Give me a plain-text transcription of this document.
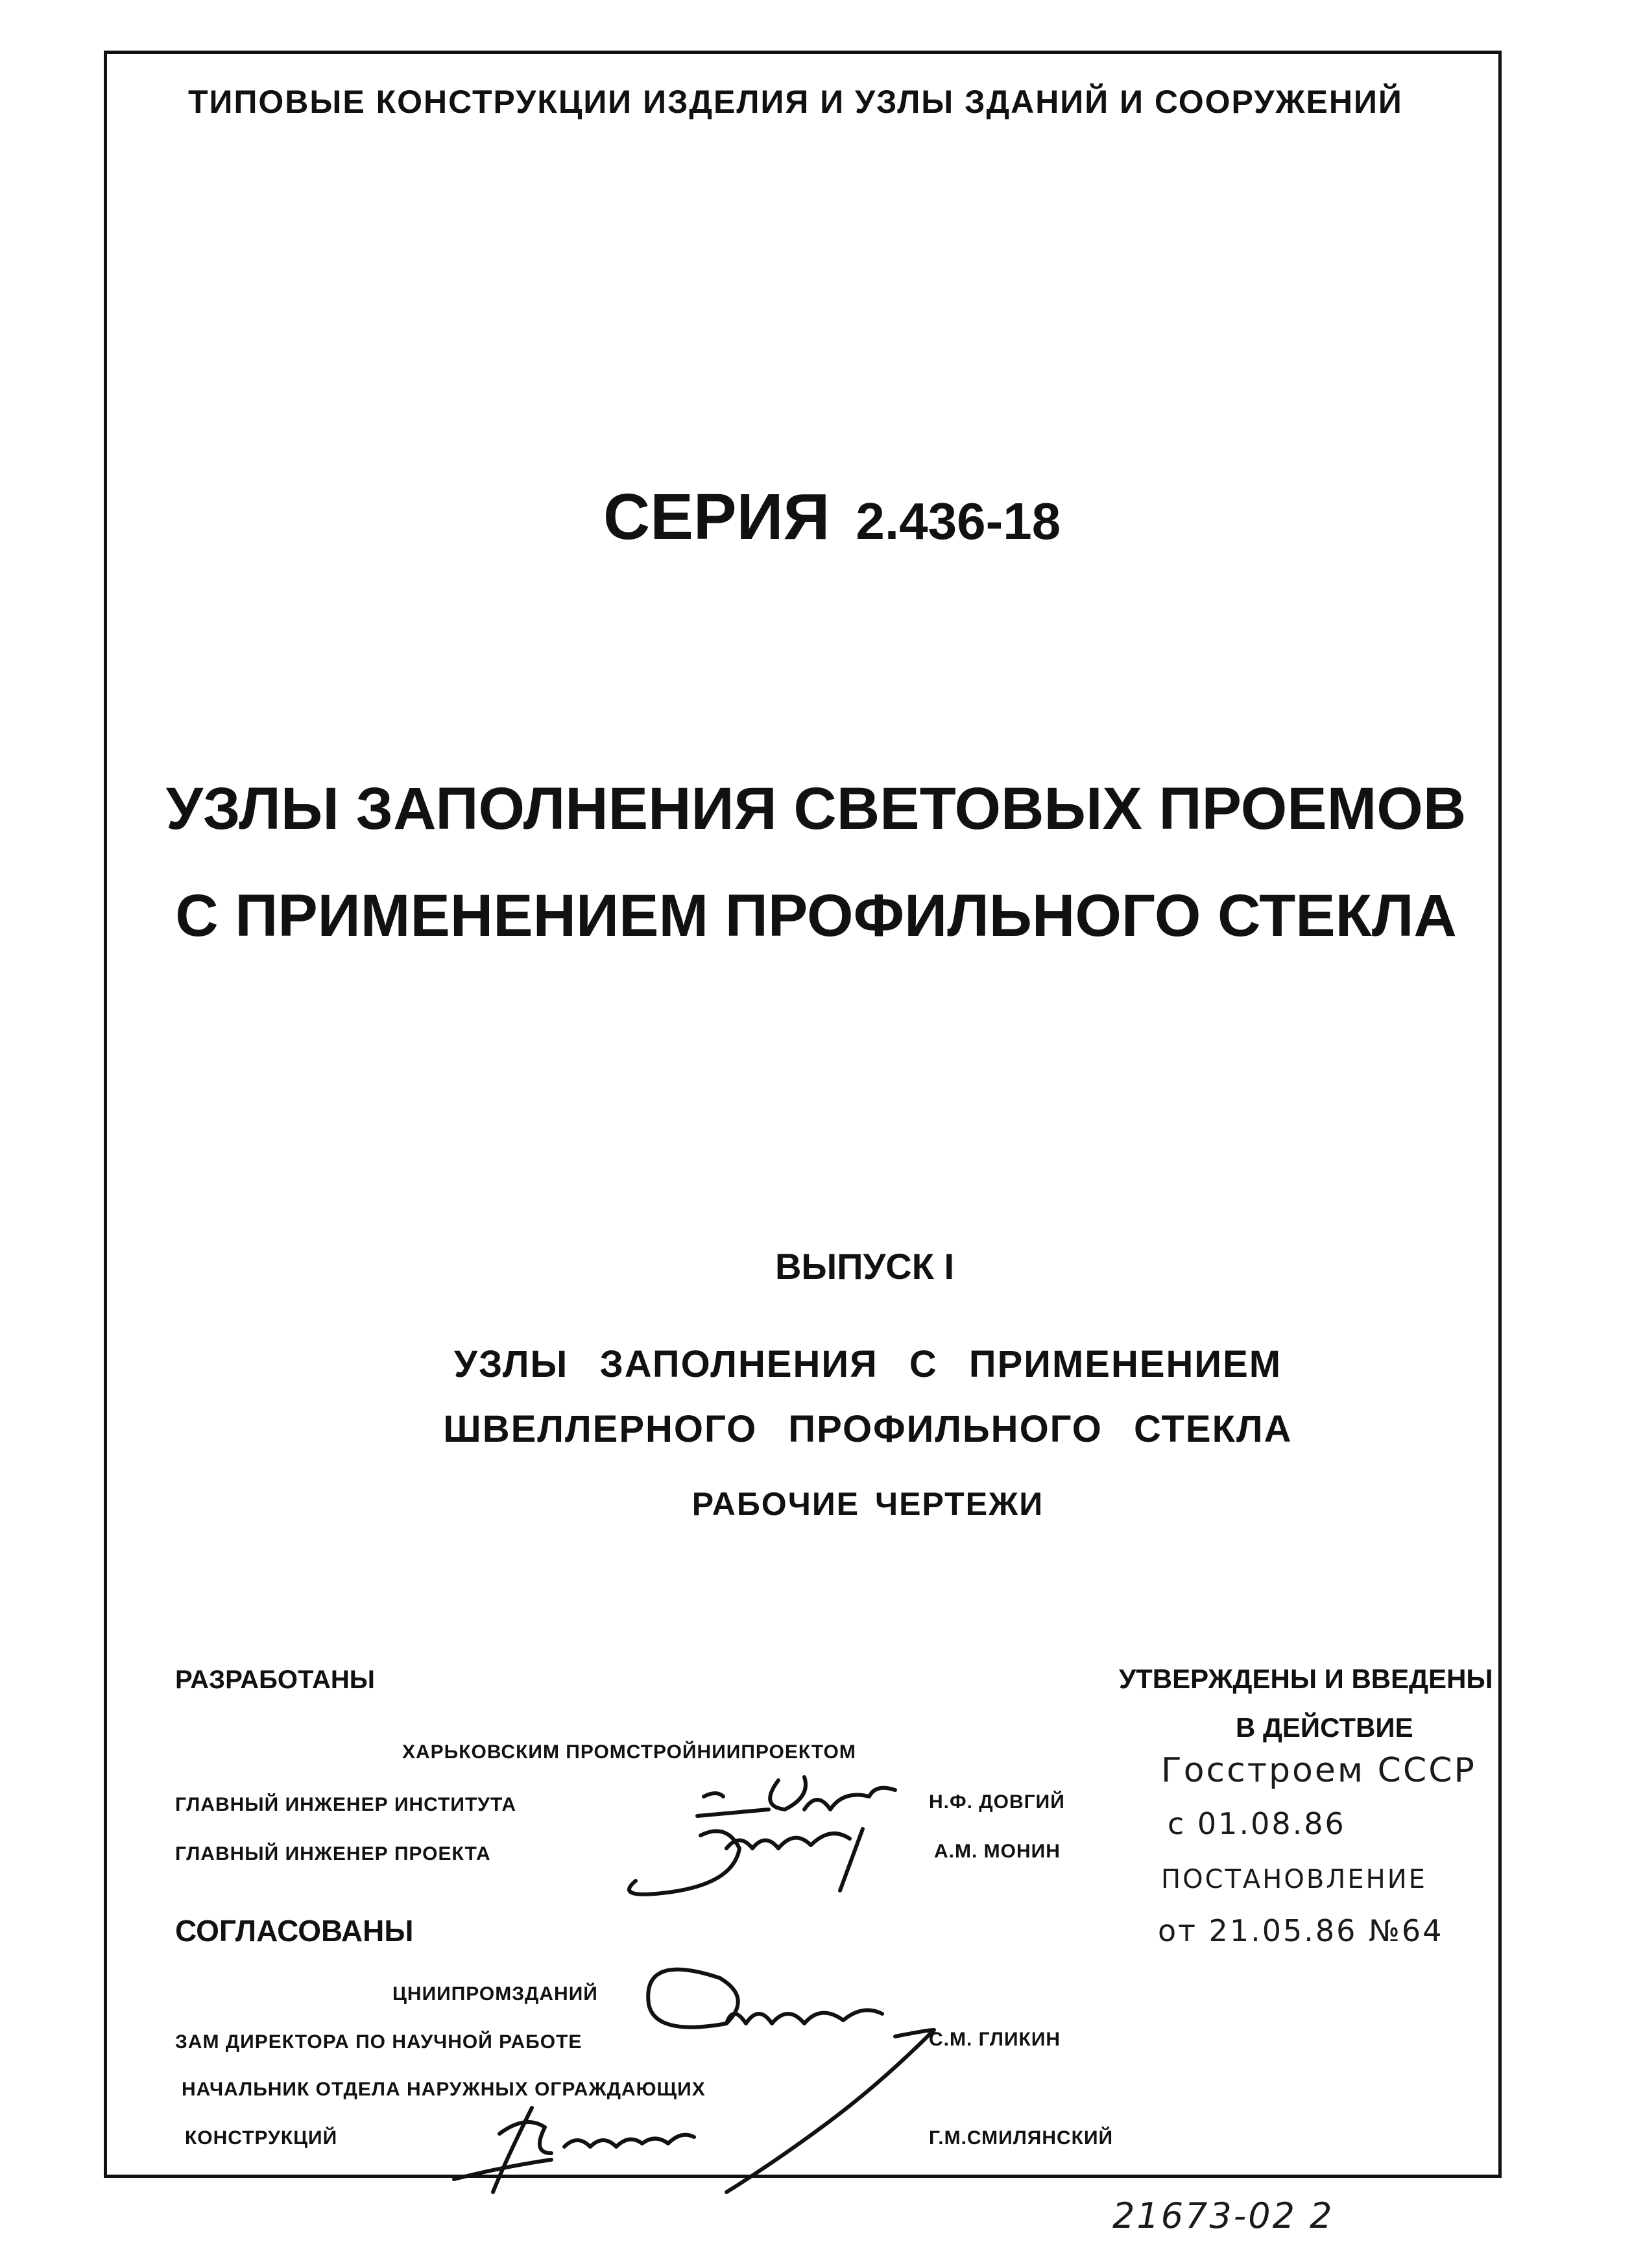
ТИПОВЫЕ КОНСТРУКЦИИ ИЗДЕЛИЯ И УЗЛЫ ЗДАНИЙ И СООРУЖЕНИЙ
СЕРИЯ 2.436-18
УЗЛЫ ЗАПОЛНЕНИЯ СВЕТОВЫХ ПРОЕМОВ
С ПРИМЕНЕНИЕМ ПРОФИЛЬНОГО СТЕКЛА
ВЫПУСК I
УЗЛЫ ЗАПОЛНЕНИЯ С ПРИМЕНЕНИЕМ
ШВЕЛЛЕРНОГО ПРОФИЛЬНОГО СТЕКЛА
РАБОЧИЕ ЧЕРТЕЖИ
РАЗРАБОТАНЫ
ХАРЬКОВСКИМ ПРОМСТРОЙНИИПРОЕКТОМ
ГЛАВНЫЙ ИНЖЕНЕР ИНСТИТУТА	Н.Ф. ДОВГИЙ
ГЛАВНЫЙ ИНЖЕНЕР ПРОЕКТА	А.М. МОНИН
СОГЛАСОВАНЫ
ЦНИИПРОМЗДАНИЙ
ЗАМ ДИРЕКТОРА ПО НАУЧНОЙ РАБОТЕ	С.М. ГЛИКИН
НАЧАЛЬНИК ОТДЕЛА НАРУЖНЫХ ОГРАЖДАЮЩИХ
КОНСТРУКЦИЙ	Г.М.СМИЛЯНСКИЙ
УТВЕРЖДЕНЫ И ВВЕДЕНЫ
В ДЕЙСТВИЕ
Госстроем СССР
с 01.08.86
ПОСТАНОВЛЕНИЕ
от 21.05.86 №64
21673-02 2
